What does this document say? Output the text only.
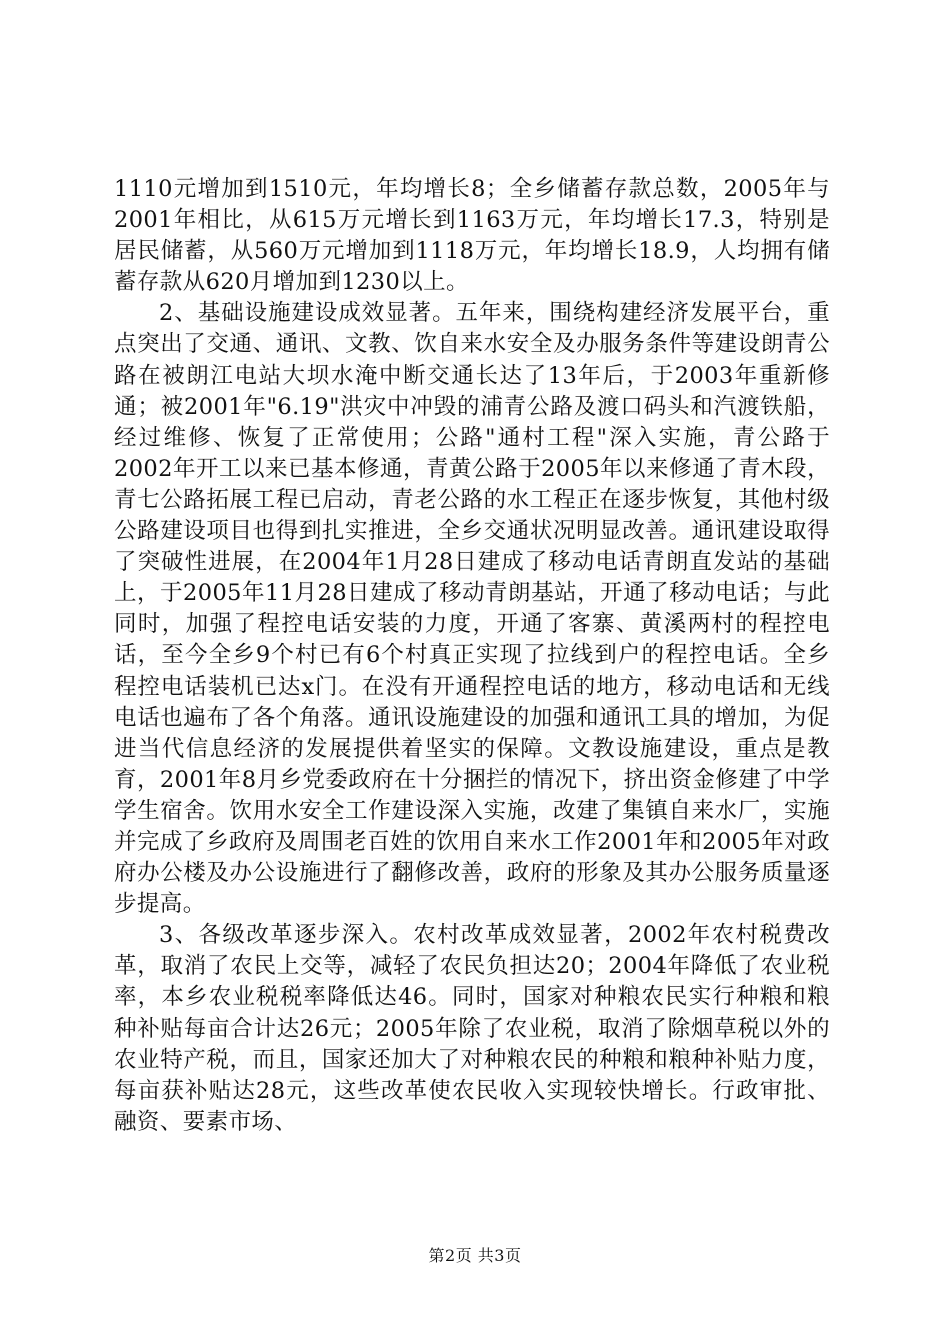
1110元增加到1510元，年均增长8；全乡储蓄存款总数，2005年与2001年相比，从615万元增长到1163万元，年均增长17.3，特别是居民储蓄，从560万元增加到1118万元，年均增长18.9，人均拥有储蓄存款从620月增加到1230以上。

2、基础设施建设成效显著。五年来，围绕构建经济发展平台，重点突出了交通、通讯、文教、饮自来水安全及办服务条件等建设朗青公路在被朗江电站大坝水淹中断交通长达了13年后，于2003年重新修通；被2001年"6.19"洪灾中冲毁的浦青公路及渡口码头和汽渡铁船，经过维修、恢复了正常使用；公路"通村工程"深入实施，青公路于2002年开工以来已基本修通，青黄公路于2005年以来修通了青木段，青七公路拓展工程已启动，青老公路的水工程正在逐步恢复，其他村级公路建设项目也得到扎实推进，全乡交通状况明显改善。通讯建设取得了突破性进展，在2004年1月28日建成了移动电话青朗直发站的基础上，于2005年11月28日建成了移动青朗基站，开通了移动电话；与此同时，加强了程控电话安装的力度，开通了客寨、黄溪两村的程控电话，至今全乡9个村已有6个村真正实现了拉线到户的程控电话。全乡程控电话装机已达x门。在没有开通程控电话的地方，移动电话和无线电话也遍布了各个角落。通讯设施建设的加强和通讯工具的增加，为促进当代信息经济的发展提供着坚实的保障。文教设施建设，重点是教育，2001年8月乡党委政府在十分捆拦的情况下，挤出资金修建了中学学生宿舍。饮用水安全工作建设深入实施，改建了集镇自来水厂，实施并完成了乡政府及周围老百姓的饮用自来水工作2001年和2005年对政府办公楼及办公设施进行了翻修改善，政府的形象及其办公服务质量逐步提高。

3、各级改革逐步深入。农村改革成效显著，2002年农村税费改革，取消了农民上交等，减轻了农民负担达20；2004年降低了农业税率，本乡农业税税率降低达46。同时，国家对种粮农民实行种粮和粮种补贴每亩合计达26元；2005年除了农业税，取消了除烟草税以外的农业特产税，而且，国家还加大了对种粮农民的种粮和粮种补贴力度，每亩获补贴达28元，这些改革使农民收入实现较快增长。行政审批、融资、要素市场、

第2页 共3页
